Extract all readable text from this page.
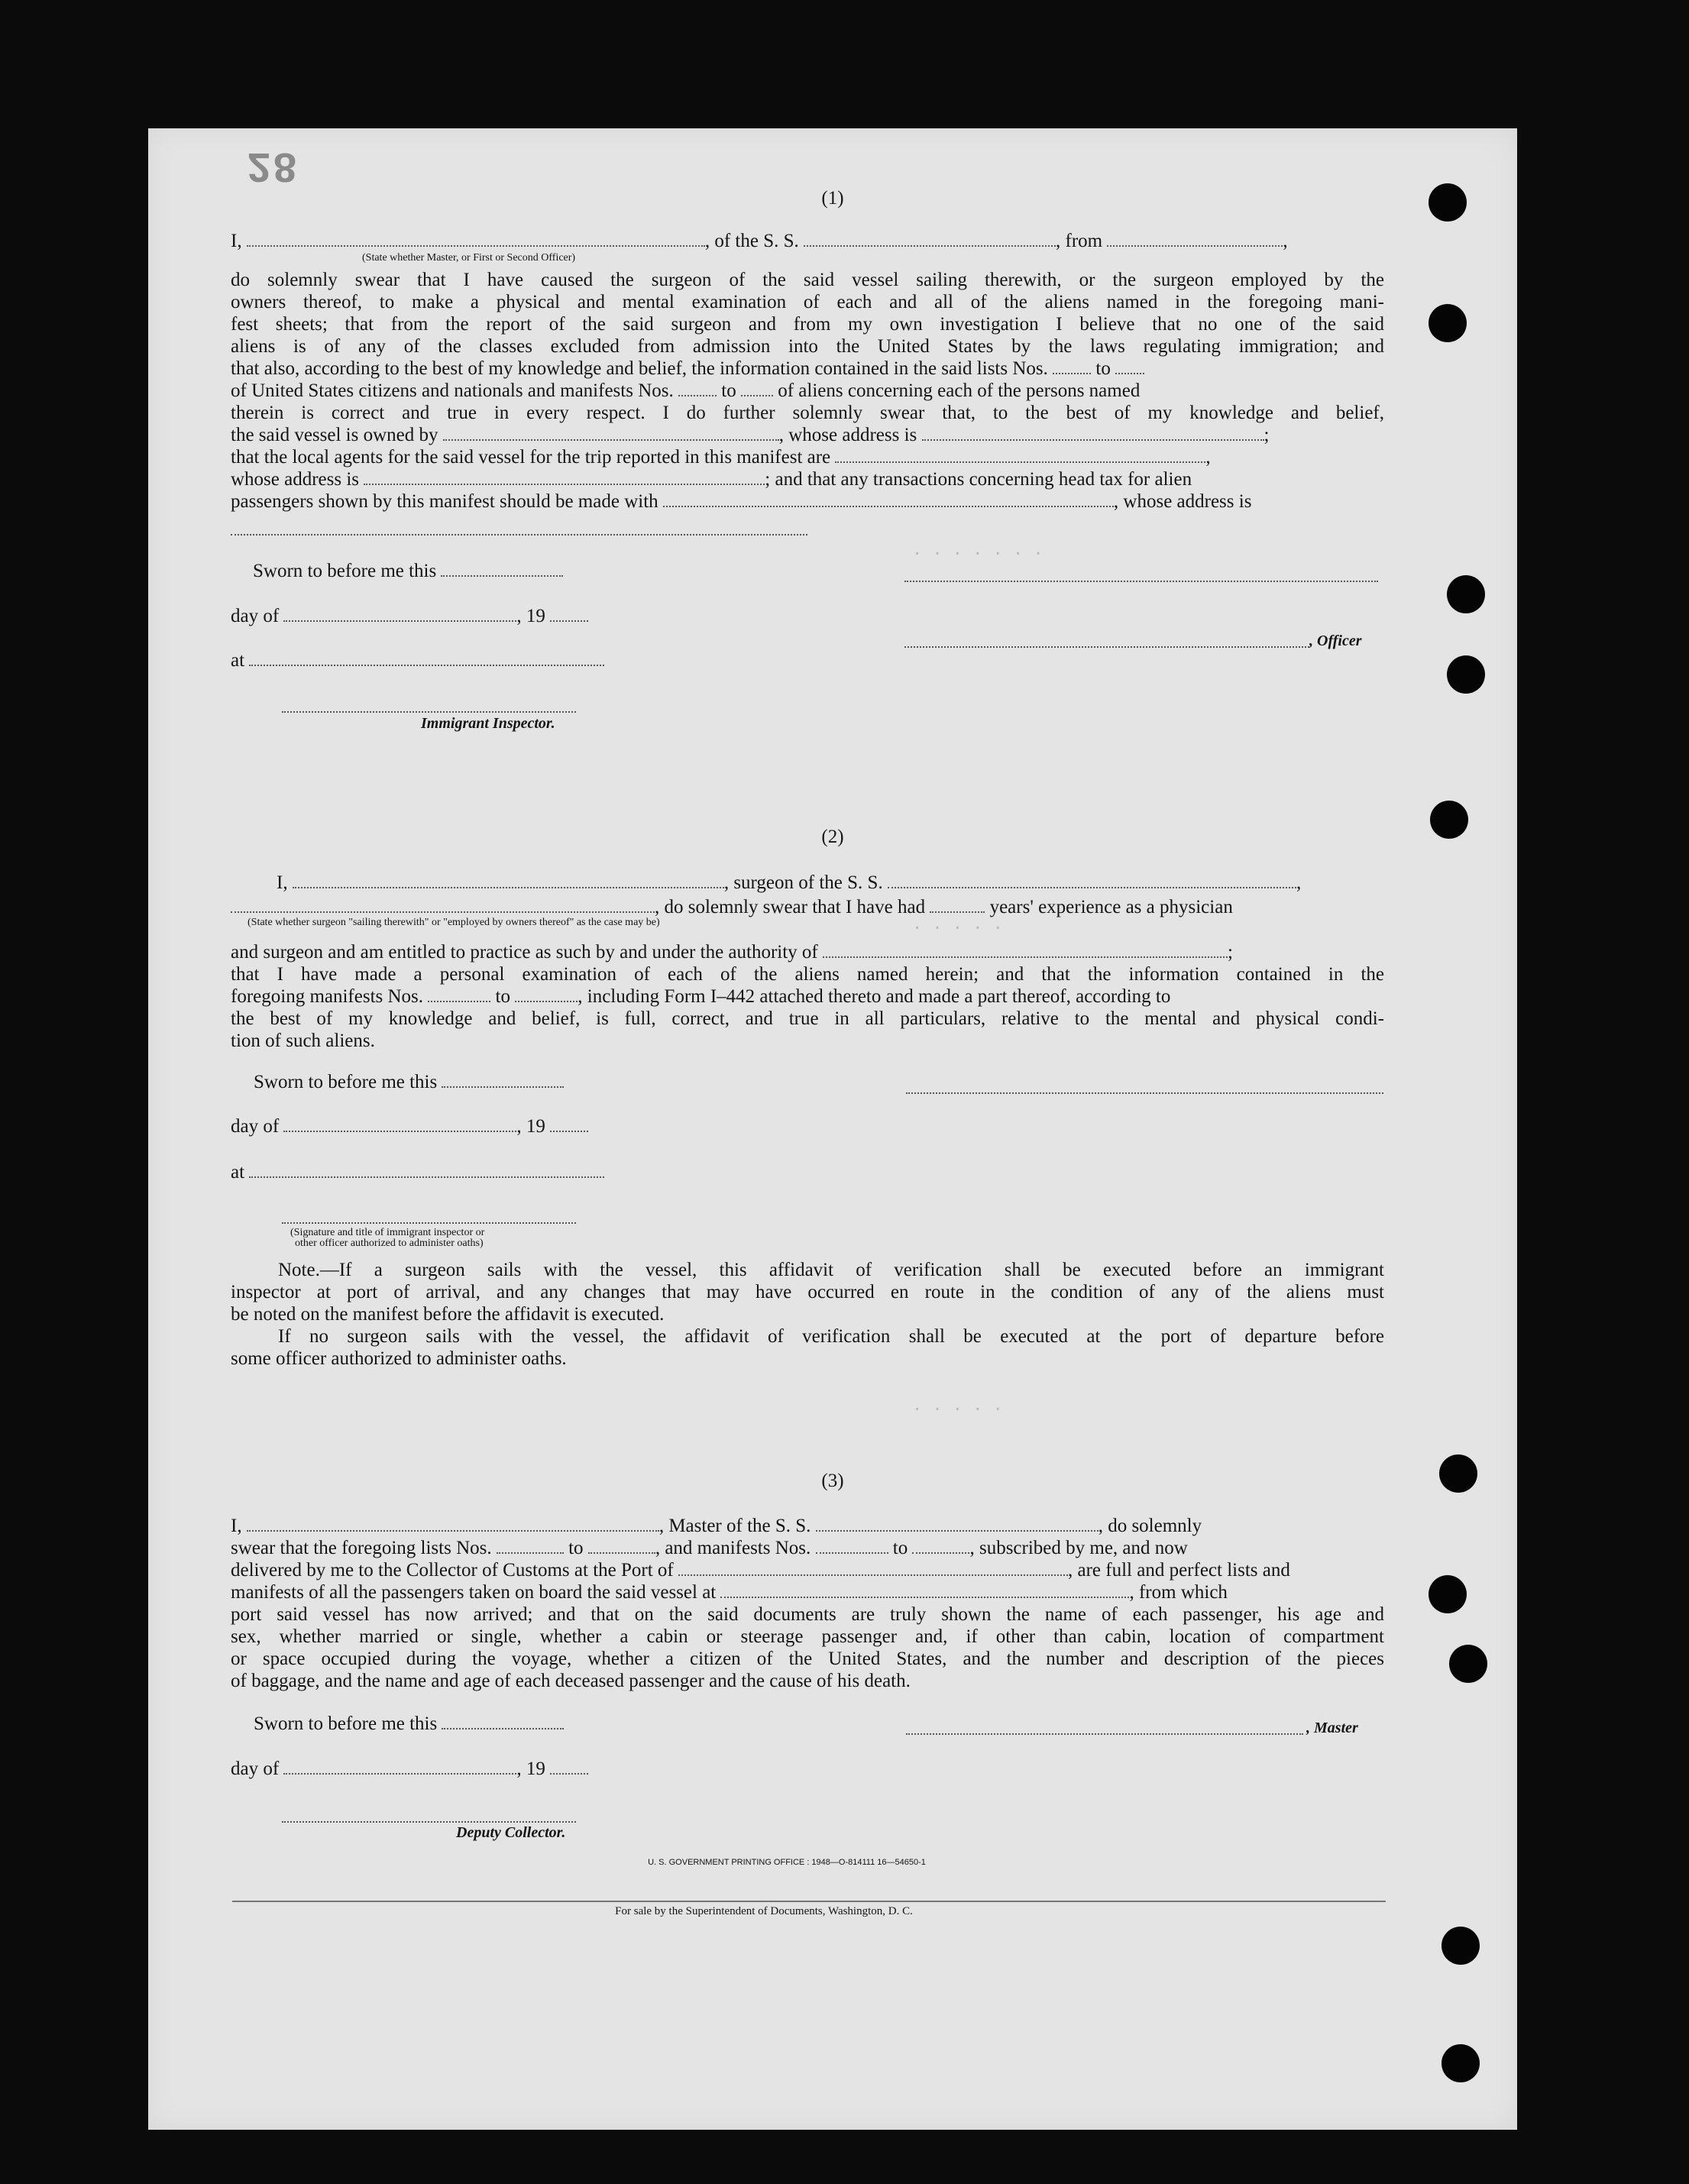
28
. . . . . . .
. . . . .
. . . . .
(1)
I,	, of the S. S.	, from	,
(State whether Master, or First or Second Officer)
do solemnly swear that I have caused the surgeon of the said vessel sailing therewith, or the surgeon employed by the
owners thereof, to make a physical and mental examination of each and all of the aliens named in the foregoing mani-
fest sheets; that from the report of the said surgeon and from my own investigation I believe that no one of the said
aliens is of any of the classes excluded from admission into the United States by the laws regulating immigration; and
that also, according to the best of my knowledge and belief, the information contained in the said lists Nos.	to
of United States citizens and nationals and manifests Nos.	to of aliens concerning each of the persons named
therein is correct and true in every respect. I do further solemnly swear that, to the best of my knowledge and belief,
the said vessel is owned by	, whose address is	;
that the local agents for the said vessel for the trip reported in this manifest are	,
whose address is	; and that any transactions concerning head tax for alien
passengers shown by this manifest should be made with	, whose address is
Sworn to before me this
day of	, 19
, Officer
at
Immigrant Inspector.
(2)
I,	, surgeon of the S. S.	,
, do solemnly swear that I have had	years' experience as a physician
(State whether surgeon "sailing therewith" or "employed by owners thereof" as the case may be)
and surgeon and am entitled to practice as such by and under the authority of	;
that I have made a personal examination of each of the aliens named herein; and that the information contained in the
foregoing manifests Nos.	to	, including Form I–442 attached thereto and made a part thereof, according to
the best of my knowledge and belief, is full, correct, and true in all particulars, relative to the mental and physical condi-
tion of such aliens.
Sworn to before me this
day of	, 19
at
(Signature and title of immigrant inspector or
other officer authorized to administer oaths)
Note.—If a surgeon sails with the vessel, this affidavit of verification shall be executed before an immigrant
inspector at port of arrival, and any changes that may have occurred en route in the condition of any of the aliens must
be noted on the manifest before the affidavit is executed.
If no surgeon sails with the vessel, the affidavit of verification shall be executed at the port of departure before
some officer authorized to administer oaths.
(3)
I,	, Master of the S. S.	, do solemnly
swear that the foregoing lists Nos.	to	, and manifests Nos.	to	, subscribed by me, and now
delivered by me to the Collector of Customs at the Port of	, are full and perfect lists and
manifests of all the passengers taken on board the said vessel at	, from which
port said vessel has now arrived; and that on the said documents are truly shown the name of each passenger, his age and
sex, whether married or single, whether a cabin or steerage passenger and, if other than cabin, location of compartment
or space occupied during the voyage, whether a citizen of the United States, and the number and description of the pieces
of baggage, and the name and age of each deceased passenger and the cause of his death.
Sworn to before me this	, Master
day of	, 19
Deputy Collector.
U. S. GOVERNMENT PRINTING OFFICE : 1948—O-814111 16—54650-1
For sale by the Superintendent of Documents, Washington, D. C.
